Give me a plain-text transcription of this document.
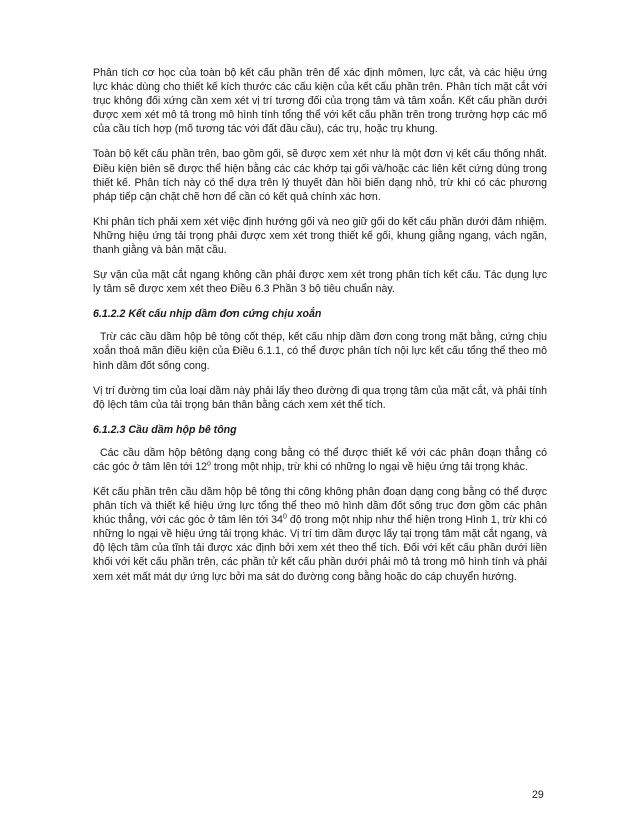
Phân tích cơ học của toàn bộ kết cấu phần trên để xác định mômen, lực cắt, và các hiệu ứng lực khác dùng cho thiết kế kích thước các cấu kiện của kết cấu phần trên. Phân tích mặt cắt với trục không đối xứng cần xem xét vị trí tương đối của trọng tâm và tâm xoắn. Kết cấu phần dưới được xem xét mô tả trong mô hình tính tổng thể với kết cấu phần trên trong trường hợp các mố của cầu tích hợp (mố tương tác với đất đầu cầu), các trụ, hoặc trụ khung.

Toàn bộ kết cấu phần trên, bao gồm gối, sẽ được xem xét như là một đơn vị kết cấu thống nhất. Điều kiện biên sẽ được thể hiện bằng các các khớp tại gối và/hoặc các liên kết cứng dùng trong thiết kế. Phân tích này có thể dựa trên lý thuyết đàn hồi biến dạng nhỏ, trừ khi có các phương pháp tiếp cận chặt chẽ hơn để cần có kết quả chính xác hơn.

Khi phân tích phải xem xét việc định hướng gối và neo giữ gối do kết cấu phần dưới đảm nhiệm. Những hiệu ứng tải trọng phải được xem xét trong thiết kế gối, khung giằng ngang, vách ngăn, thanh giằng và bản mặt cầu.

Sự vặn của mặt cắt ngang không cần phải được xem xét trong phân tích kết cấu. Tác dụng lực ly tâm sẽ được xem xét theo Điều 6.3 Phần 3 bộ tiêu chuẩn này.

6.1.2.2 Kết cấu nhịp dầm đơn cứng chịu xoắn

Trừ các cầu dầm hộp bê tông cốt thép, kết cấu nhịp dầm đơn cong trong mặt bằng, cứng chịu xoắn thoả mãn điều kiện của Điều 6.1.1, có thể được phân tích nội lực kết cấu tổng thể theo mô hình dầm đốt sống cong.

Vị trí đường tim của loại dầm này phải lấy theo đường đi qua trọng tâm của mặt cắt, và phải tính độ lệch tâm của tải trọng bản thân bằng cách xem xét thể tích.

6.1.2.3 Cầu dầm hộp bê tông

Các cầu dầm hộp bêtông dạng cong bằng có thể được thiết kế với các phân đoạn thẳng có các góc ở tâm lên tới 12$^o$ trong một nhịp, trừ khi có những lo ngại về hiệu ứng tải trọng khác.

Kết cấu phần trên cầu dầm hộp bê tông thi công không phân đoạn dạng cong bằng có thể được phân tích và thiết kế hiệu ứng lực tổng thể theo mô hình dầm đốt sống trục đơn gồm các phân khúc thẳng, với các góc ở tâm lên tới $34^0$ độ trong một nhịp như thể hiện trong Hình 1, trừ khi có những lo ngại về hiệu ứng tải trọng khác. Vị trí tim dầm được lấy tại trọng tâm mặt cắt ngang, và độ lệch tâm của tĩnh tải được xác định bởi xem xét theo thể tích. Đối với kết cấu phần dưới liền khối với kết cấu phần trên, các phần tử kết cấu phần dưới phải mô tả trong mô hình tính và phải xem xét mất mát dự ứng lực bởi ma sát do đường cong bằng hoặc do cáp chuyển hướng.

29
